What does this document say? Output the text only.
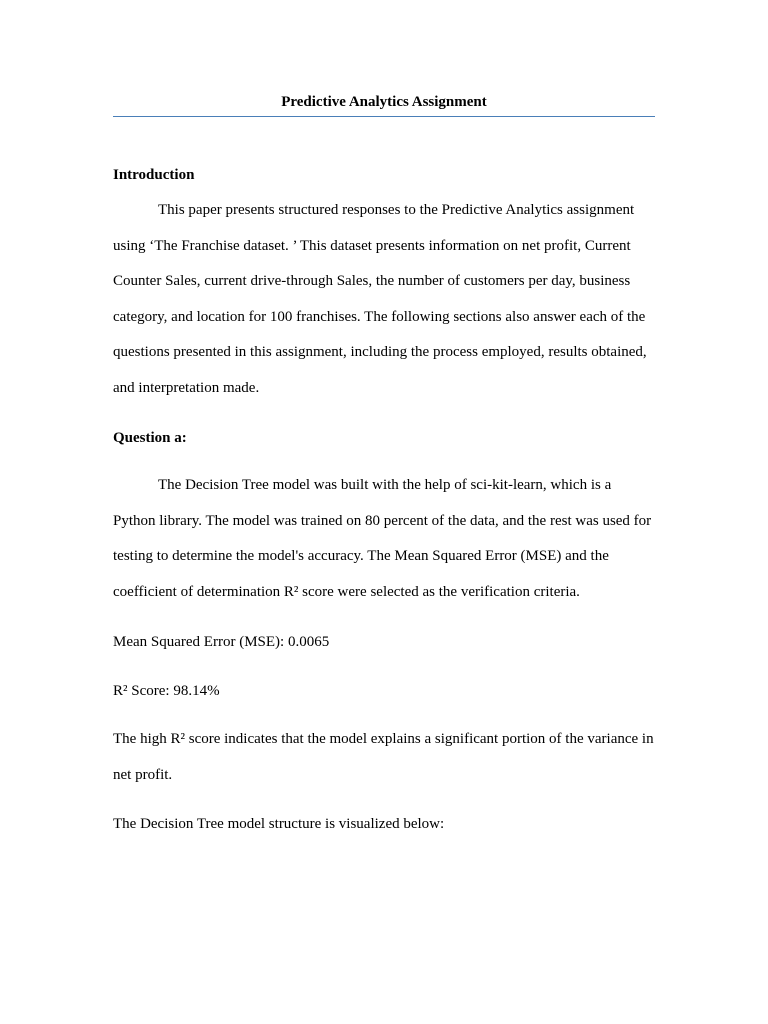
Predictive Analytics Assignment
Introduction

This paper presents structured responses to the Predictive Analytics assignment using ‘The Franchise dataset. ’ This dataset presents information on net profit, Current Counter Sales, current drive-through Sales, the number of customers per day, business category, and location for 100 franchises. The following sections also answer each of the questions presented in this assignment, including the process employed, results obtained, and interpretation made.

Question a:

The Decision Tree model was built with the help of sci-kit-learn, which is a Python library. The model was trained on 80 percent of the data, and the rest was used for testing to determine the model's accuracy. The Mean Squared Error (MSE) and the coefficient of determination R² score were selected as the verification criteria.

Mean Squared Error (MSE): 0.0065
R² Score: 98.14%

The high R² score indicates that the model explains a significant portion of the variance in net profit.

The Decision Tree model structure is visualized below:
